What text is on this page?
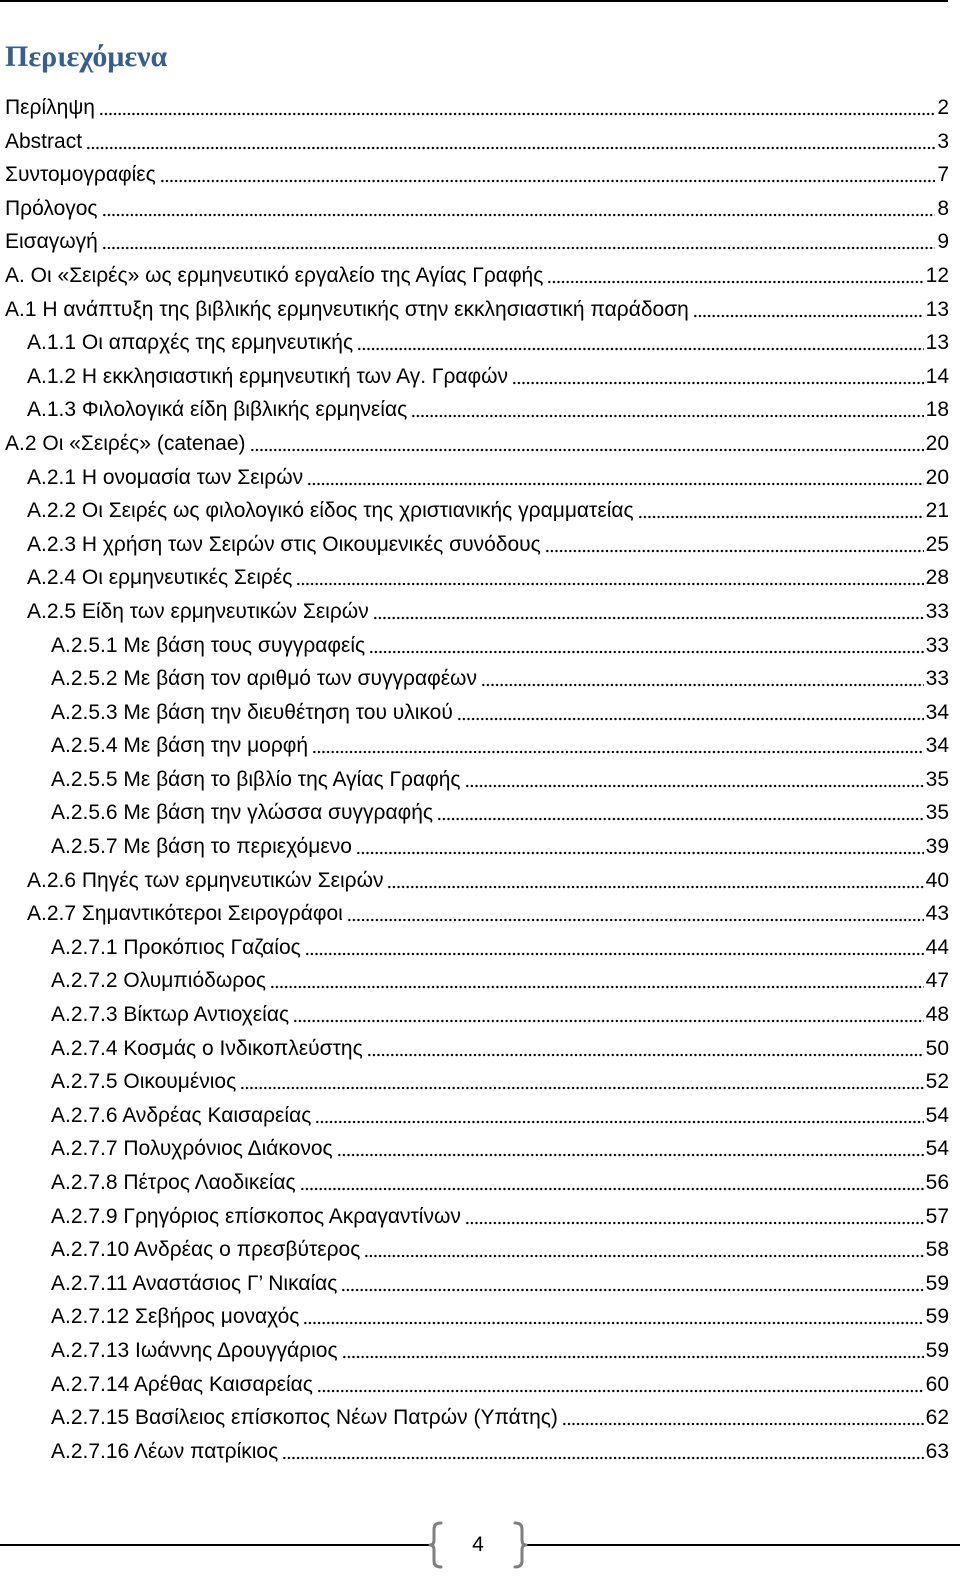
Περιεχόμενα
Περίληψη	2
Abstract	3
Συντομογραφίες	7
Πρόλογος	8
Εισαγωγή	9
Α. Οι «Σειρές» ως ερμηνευτικό εργαλείο της Αγίας Γραφής	12
Α.1 Η ανάπτυξη της βιβλικής ερμηνευτικής στην εκκλησιαστική παράδοση	13
Α.1.1 Οι απαρχές της ερμηνευτικής	13
Α.1.2 Η εκκλησιαστική ερμηνευτική των Αγ. Γραφών	14
Α.1.3 Φιλολογικά είδη βιβλικής ερμηνείας	18
Α.2 Οι «Σειρές» (catenae)	20
Α.2.1 Η ονομασία των Σειρών	20
Α.2.2 Οι Σειρές ως φιλολογικό είδος της χριστιανικής γραμματείας	21
Α.2.3 Η χρήση των Σειρών στις Οικουμενικές συνόδους	25
Α.2.4 Οι ερμηνευτικές Σειρές	28
Α.2.5 Είδη των ερμηνευτικών Σειρών	33
Α.2.5.1 Με βάση τους συγγραφείς	33
Α.2.5.2 Με βάση τον αριθμό των συγγραφέων	33
Α.2.5.3 Με βάση την διευθέτηση του υλικού	34
Α.2.5.4 Με βάση την μορφή	34
Α.2.5.5 Με βάση το βιβλίο της Αγίας Γραφής	35
Α.2.5.6 Με βάση την γλώσσα συγγραφής	35
Α.2.5.7 Με βάση το περιεχόμενο	39
Α.2.6 Πηγές των ερμηνευτικών Σειρών	40
Α.2.7 Σημαντικότεροι Σειρογράφοι	43
Α.2.7.1 Προκόπιος Γαζαίος	44
Α.2.7.2 Ολυμπιόδωρος	47
Α.2.7.3 Βίκτωρ Αντιοχείας	48
Α.2.7.4 Κοσμάς ο Ινδικοπλεύστης	50
Α.2.7.5 Οικουμένιος	52
Α.2.7.6 Ανδρέας Καισαρείας	54
Α.2.7.7 Πολυχρόνιος Διάκονος	54
Α.2.7.8 Πέτρος Λαοδικείας	56
Α.2.7.9 Γρηγόριος επίσκοπος Ακραγαντίνων	57
Α.2.7.10 Ανδρέας ο πρεσβύτερος	58
Α.2.7.11 Αναστάσιος Γ’ Νικαίας	59
Α.2.7.12 Σεβήρος μοναχός	59
Α.2.7.13 Ιωάννης Δρουγγάριος	59
Α.2.7.14 Αρέθας Καισαρείας	60
Α.2.7.15 Βασίλειος επίσκοπος Νέων Πατρών (Υπάτης)	62
Α.2.7.16 Λέων πατρίκιος	63
4
